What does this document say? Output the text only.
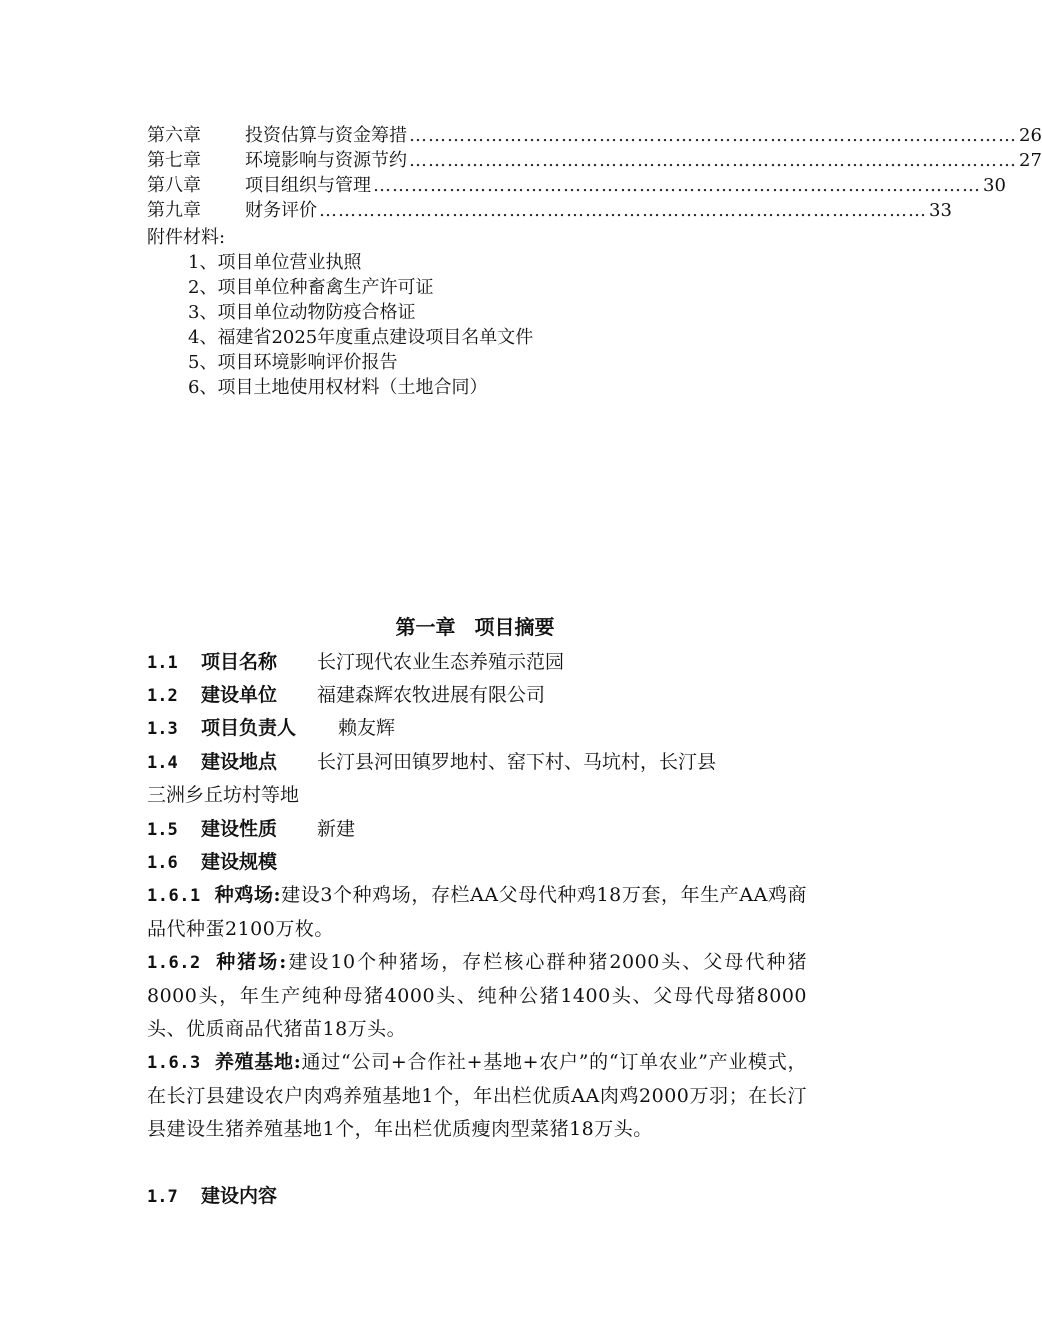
第六章	投资估算与资金筹措 …………………………………………………………………………………… 26
第七章	环境影响与资源节约 …………………………………………………………………………………… 27
第八章	项目组织与管理 …………………………………………………………………………………… 30
第九章	财务评价 …………………………………………………………………………………… 33
附件材料:
1、项目单位营业执照
2、项目单位种畜禽生产许可证
3、项目单位动物防疫合格证
4、福建省2025年度重点建设项目名单文件
5、项目环境影响评价报告
6、项目土地使用权材料（土地合同）
第一章 项目摘要
1.1 项目名称 长汀现代农业生态养殖示范园
1.2 建设单位 福建森辉农牧进展有限公司
1.3 项目负责人 赖友辉
1.4 建设地点 长汀县河田镇罗地村、窑下村、马坑村，长汀县
三洲乡丘坊村等地
1.5 建设性质 新建
1.6 建设规模
1.6.1 种鸡场:建设3个种鸡场，存栏AA父母代种鸡18万套，年生产AA鸡商品代种蛋2100万枚。
1.6.2 种猪场:建设10个种猪场，存栏核心群种猪2000头、父母代种猪8000头，年生产纯种母猪4000头、纯种公猪1400头、父母代母猪8000头、优质商品代猪苗18万头。
1.6.3 养殖基地:通过“公司+合作社+基地+农户”的“订单农业”产业模式，在长汀县建设农户肉鸡养殖基地1个，年出栏优质AA肉鸡2000万羽；在长汀县建设生猪养殖基地1个，年出栏优质瘦肉型菜猪18万头。
1.7 建设内容
